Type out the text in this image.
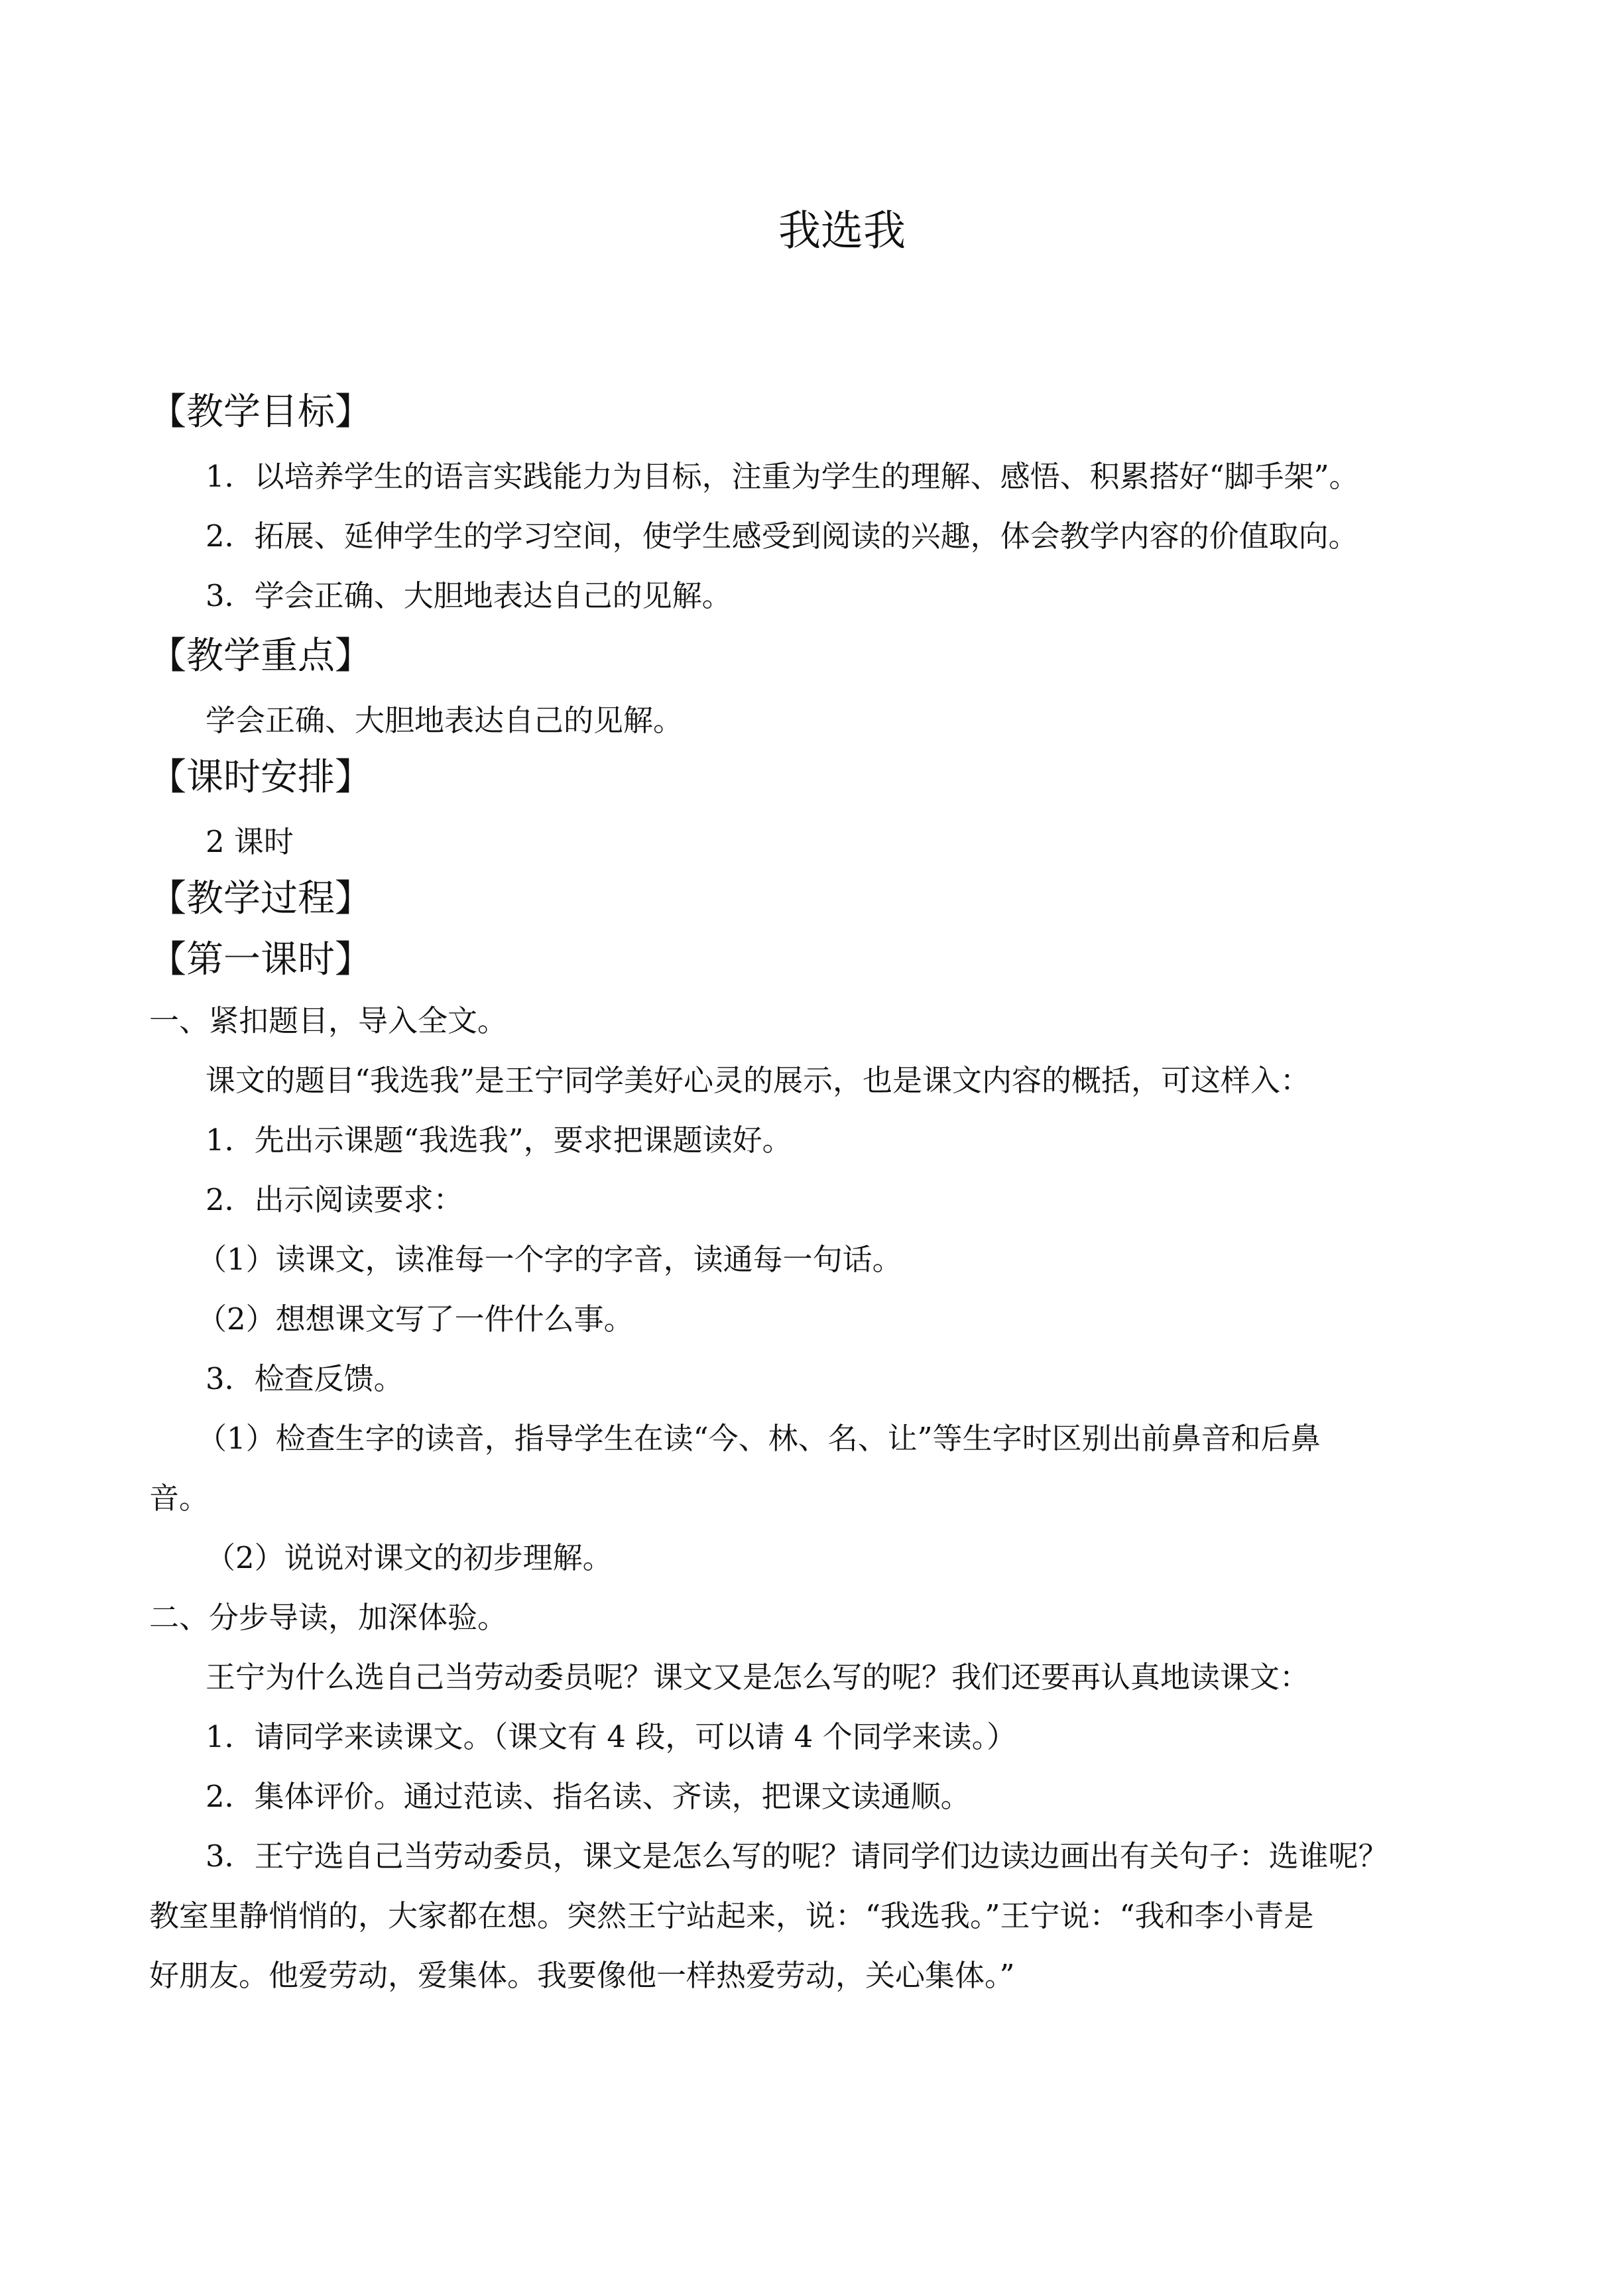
我选我
【教学目标】
1．以培养学生的语言实践能力为目标，注重为学生的理解、感悟、积累搭好“脚手架”。
2．拓展、延伸学生的学习空间，使学生感受到阅读的兴趣，体会教学内容的价值取向。
3．学会正确、大胆地表达自己的见解。
【教学重点】
学会正确、大胆地表达自己的见解。
【课时安排】
2 课时
【教学过程】
【第一课时】
一、紧扣题目，导入全文。
课文的题目“我选我”是王宁同学美好心灵的展示，也是课文内容的概括，可这样入：
1．先出示课题“我选我”，要求把课题读好。
2．出示阅读要求：
（1）读课文，读准每一个字的字音，读通每一句话。
（2）想想课文写了一件什么事。
3．检查反馈。
（1）检查生字的读音，指导学生在读“今、林、名、让”等生字时区别出前鼻音和后鼻
音。
（2）说说对课文的初步理解。
二、分步导读，加深体验。
王宁为什么选自己当劳动委员呢？课文又是怎么写的呢？我们还要再认真地读课文：
1．请同学来读课文。（课文有 4 段，可以请 4 个同学来读。）
2．集体评价。通过范读、指名读、齐读，把课文读通顺。
3．王宁选自己当劳动委员，课文是怎么写的呢？请同学们边读边画出有关句子：选谁呢？
教室里静悄悄的，大家都在想。突然王宁站起来，说：“我选我。”王宁说：“我和李小青是
好朋友。他爱劳动，爱集体。我要像他一样热爱劳动，关心集体。”
